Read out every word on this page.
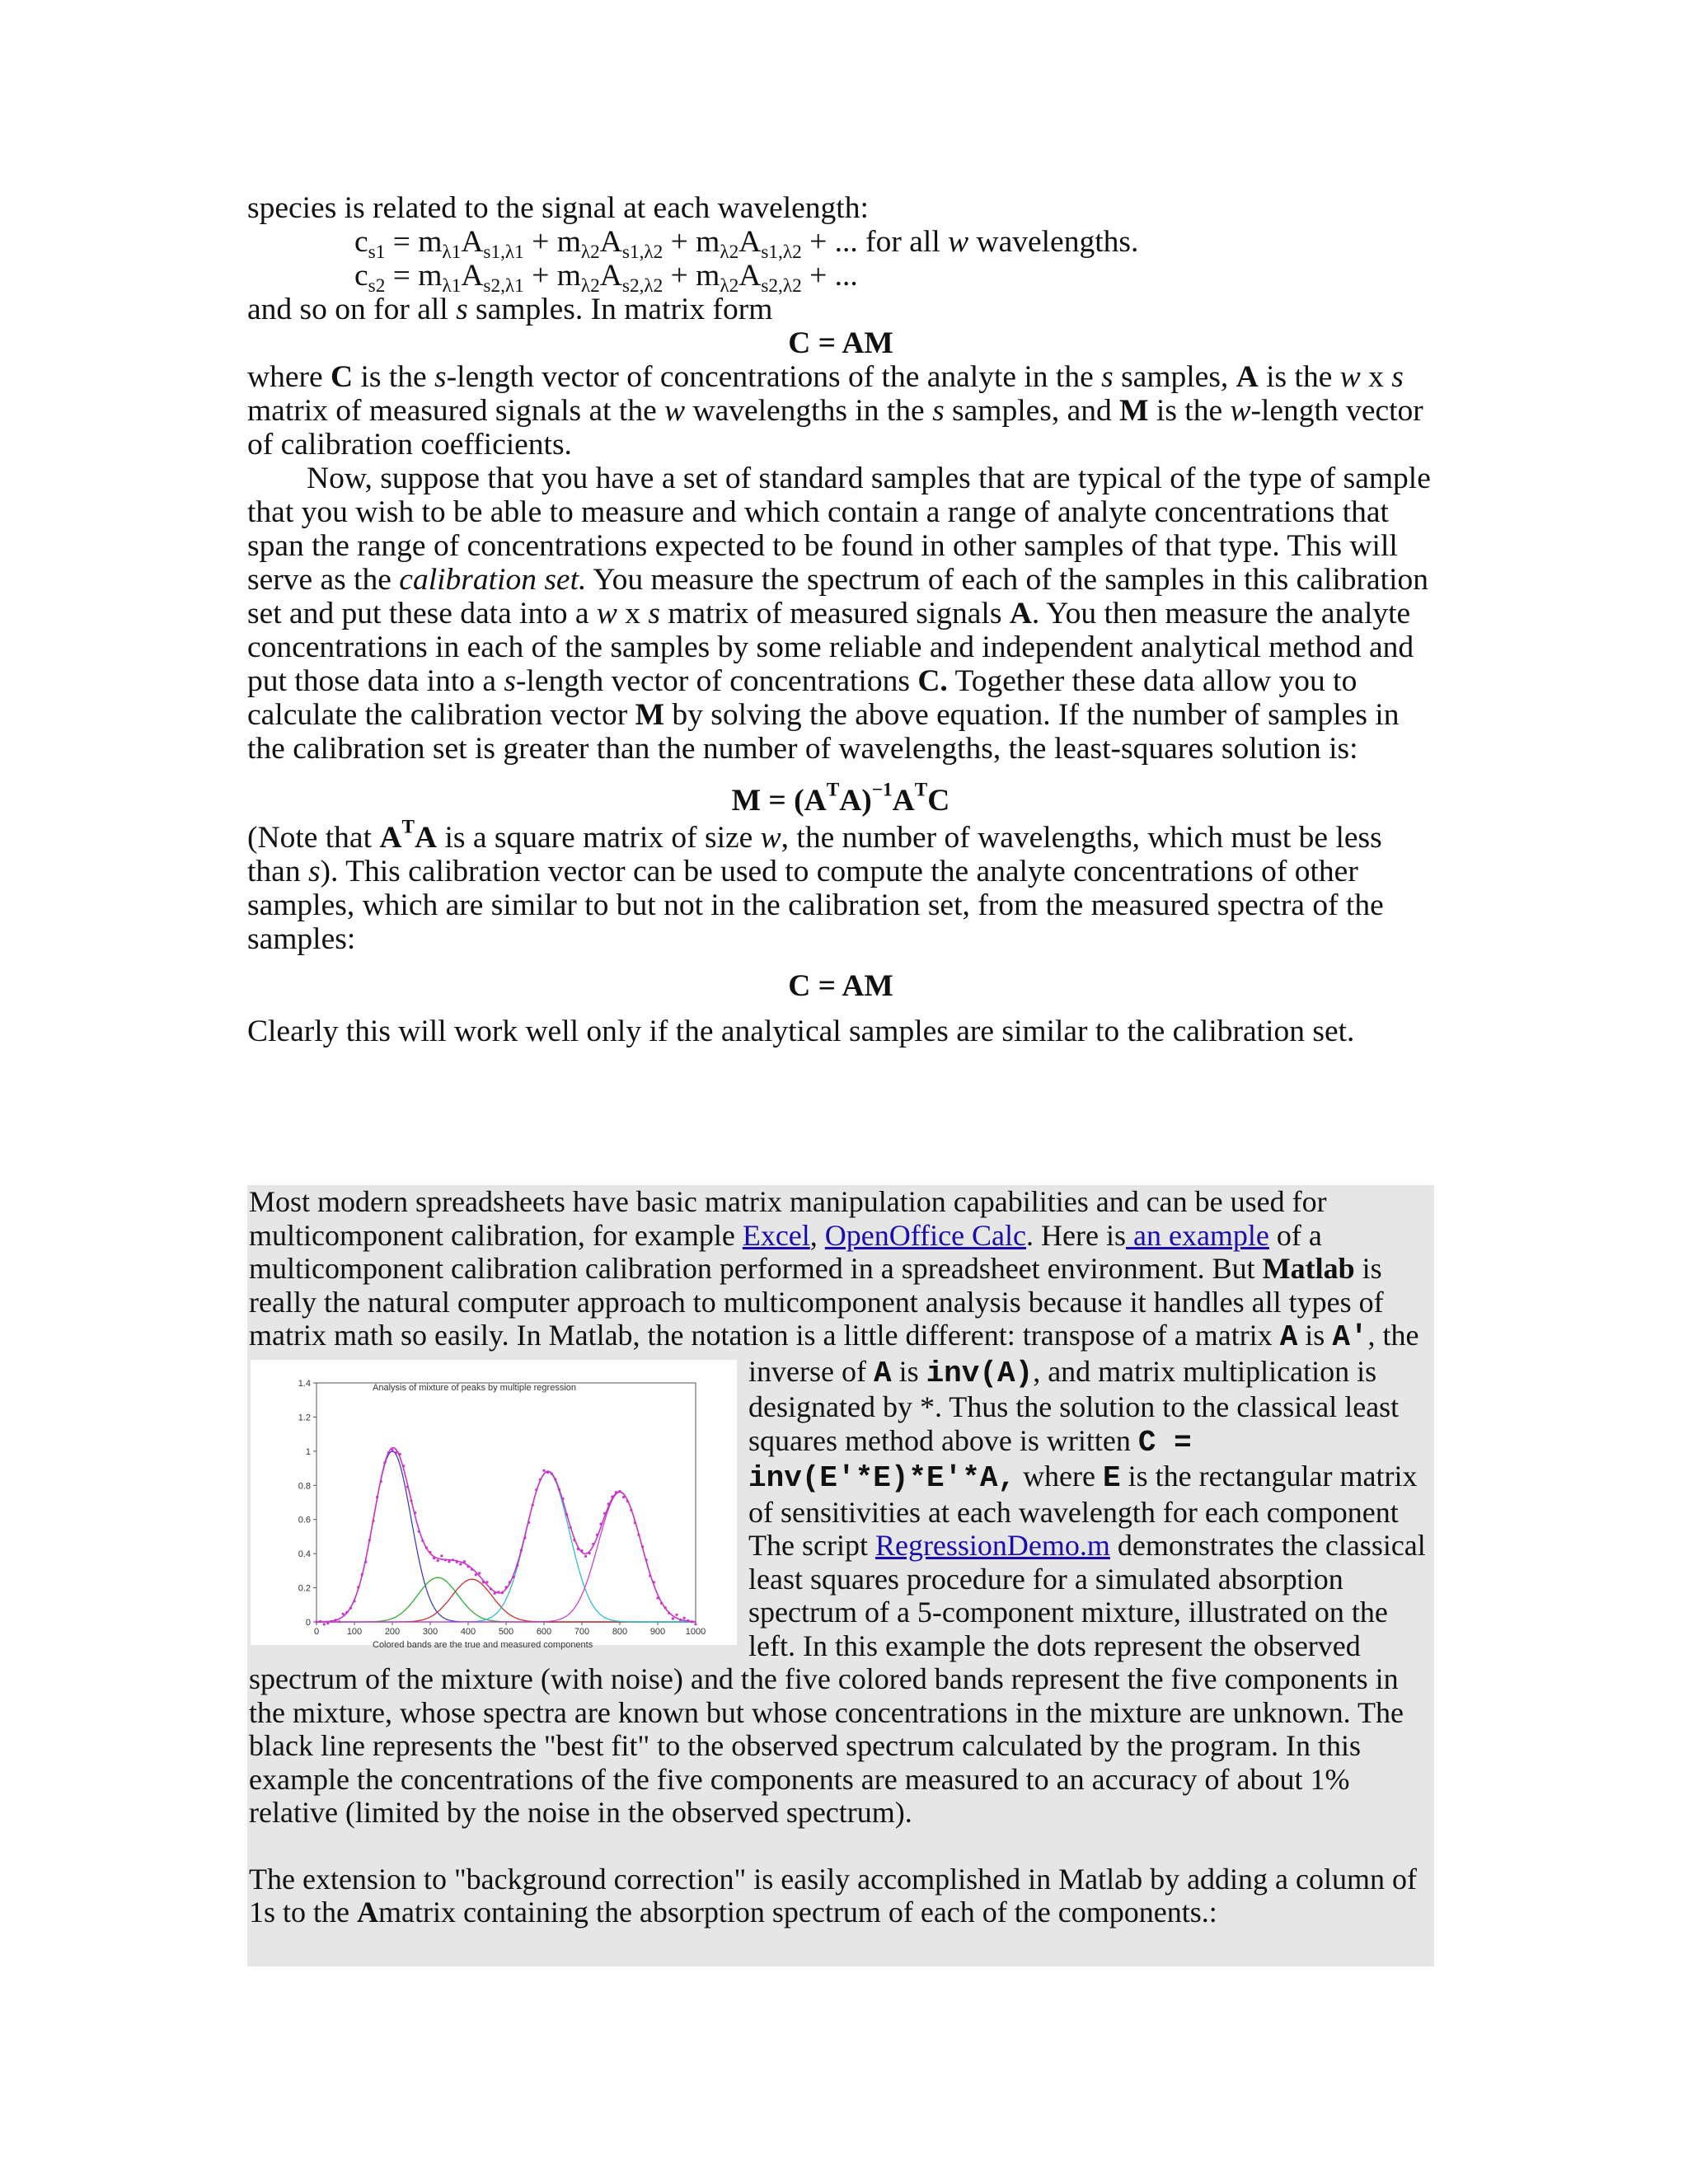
species is related to the signal at each wavelength:

$c_{s1} = m_{\lambda 1}A_{s1,\lambda 1} + m_{\lambda 2}A_{s1,\lambda 2} + m_{\lambda 2}A_{s1,\lambda 2}$ + ... for all w wavelengths.

$c_{s2} = m_{\lambda 1}A_{s2,\lambda 1} + m_{\lambda 2}A_{s2,\lambda 2} + m_{\lambda 2}A_{s2,\lambda 2}$ + ...

and so on for all s samples. In matrix form

C = AM

where C is the s-length vector of concentrations of the analyte in the s samples, A is the w x s matrix of measured signals at the w wavelengths in the s samples, and M is the w-length vector of calibration coefficients.

Now, suppose that you have a set of standard samples that are typical of the type of sample that you wish to be able to measure and which contain a range of analyte concentrations that span the range of concentrations expected to be found in other samples of that type. This will serve as the calibration set. You measure the spectrum of each of the samples in this calibration set and put these data into a w x s matrix of measured signals A. You then measure the analyte concentrations in each of the samples by some reliable and independent analytical method and put those data into a s-length vector of concentrations C. Together these data allow you to calculate the calibration vector M by solving the above equation. If the number of samples in the calibration set is greater than the number of wavelengths, the least-squares solution is:

$M = (A^TA)^{-1}A^TC$

(Note that $A^TA$ is a square matrix of size w, the number of wavelengths, which must be less than s). This calibration vector can be used to compute the analyte concentrations of other samples, which are similar to but not in the calibration set, from the measured spectra of the samples:

C = AM

Clearly this will work well only if the analytical samples are similar to the calibration set.

Most modern spreadsheets have basic matrix manipulation capabilities and can be used for multicomponent calibration, for example Excel, OpenOffice Calc. Here is an example of a multicomponent calibration calibration performed in a spreadsheet environment. But Matlab is really the natural computer approach to multicomponent analysis because it handles all types of matrix math so easily. In Matlab, the notation is a little different: transpose of a matrix A is A', the inverse of
Analysis of mixture of peaks by multiple regression
0
0.2
0.4
0.6
0.8
1
1.2
1.4
0	100	200	300	400	500	600	700	800	900 1000
Colored bands are the true and measured components
A is inv(A), and matrix multiplication is designated by *. Thus the solution to the classical least squares method above is written C = inv(E'*E)*E'*A, where E is the rectangular matrix of sensitivities at each wavelength for each component The script RegressionDemo.m demonstrates the classical least squares procedure for a simulated absorption spectrum of a 5-component mixture, illustrated on the left. In this example the dots represent the observed spectrum of the mixture (with noise) and the five colored bands represent the five components in the mixture, whose spectra are known but whose concentrations in the mixture are unknown. The black line represents the "best fit" to the observed spectrum calculated by the program. In this example the concentrations of the five components are measured to an accuracy of about 1% relative (limited by the noise in the observed spectrum).

The extension to "background correction" is easily accomplished in Matlab by adding a column of 1s to the Amatrix containing the absorption spectrum of each of the components.:
